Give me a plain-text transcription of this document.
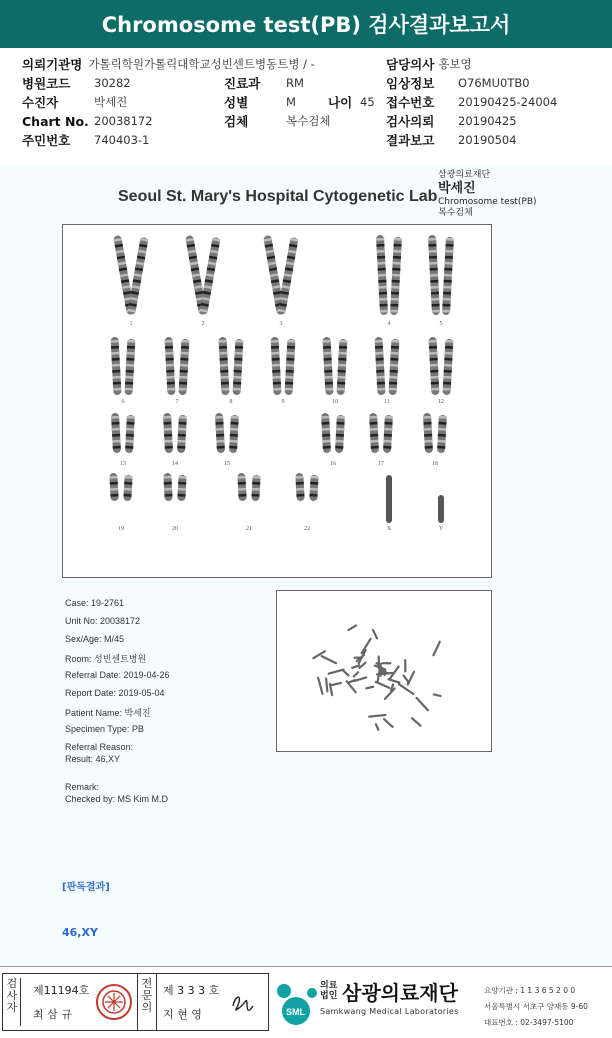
Chromosome test(PB) 검사결과보고서
의뢰기관명 가톨릭학원가톨릭대학교성빈센트병 동트병 / -	담당의사 홍보영
병원코드	30282	진료과	RM	임상정보	O76MU0TB0
수진자	박세진	성별	M	나이 45 접수번호	20190425-24004
Chart No. 20038172	검체	복수검체	검사의뢰	20190425
주민번호	740403-1	결과보고	20190504
Seoul St. Mary's Hospital Cytogenetic Lab
삼광의료재단
박세진
Chromosome test(PB)
복수검체
1	2	3	4	5
6	7	8	9	10	11	12
13	14	15	16	17	18
19	20	21	22	X	Y
Case: 19-2761
Unit No: 20038172
Sex/Age: M/45
Room: 성빈센트병원
Referral Date: 2019-04-26
Report Date: 2019-05-04
Patient Name: 박세진
Specimen Type: PB
Referral Reason:
Result: 46,XY
Remark:
Checked by: MS Kim M.D
[판독결과]
46,XY
검사자
제11194호
최 삼 규
전문의
제 3 3 3 호
지 현 영	SML
의료
법인 삼광의료재단
Samkwang Medical Laboratories
요양기관 : 1 1 3 6 5 2 0 0
서울특별시 서초구 양재동 9-60
대표번호 : 02-3497-5100
